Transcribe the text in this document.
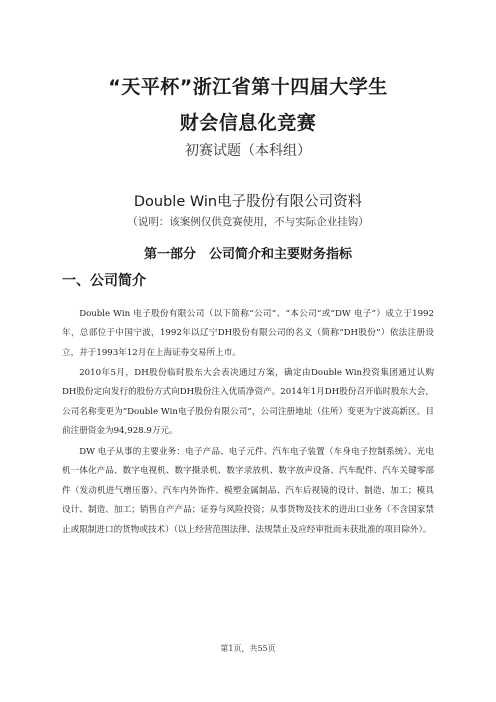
“天平杯”浙江省第十四届大学生
财会信息化竞赛
初赛试题（本科组）
Double Win电子股份有限公司资料
（说明：该案例仅供竞赛使用，不与实际企业挂钩）
第一部分　公司简介和主要财务指标
一、公司简介

Double Win 电子股份有限公司（以下简称“公司”、“本公司”或“DW 电子”）成立于1992年，总部位于中国宁波，1992年以辽宁DH股份有限公司的名义（简称“DH股份”）依法注册设立，并于1993年12月在上海证券交易所上市。

2010年5月，DH股份临时股东大会表决通过方案，确定由Double Win投资集团通过认购DH股份定向发行的股份方式向DH股份注入优质净资产。2014年1月DH股份召开临时股东大会，公司名称变更为“Double Win电子股份有限公司”，公司注册地址（住所）变更为宁波高新区。目前注册资金为94,928.9万元。

DW 电子从事的主要业务：电子产品、电子元件、汽车电子装置（车身电子控制系统）、光电机一体化产品、数字电视机、数字摄录机、数字录放机、数字放声设备、汽车配件、汽车关键零部件（发动机进气增压器）、汽车内外饰件、模塑金属制品、汽车后视镜的设计、制造、加工；模具设计、制造、加工；销售自产产品；证券与风险投资；从事货物及技术的进出口业务（不含国家禁止或限制进口的货物或技术）（以上经营范围法律、法规禁止及应经审批而未获批准的项目除外）。

第1页，共55页
